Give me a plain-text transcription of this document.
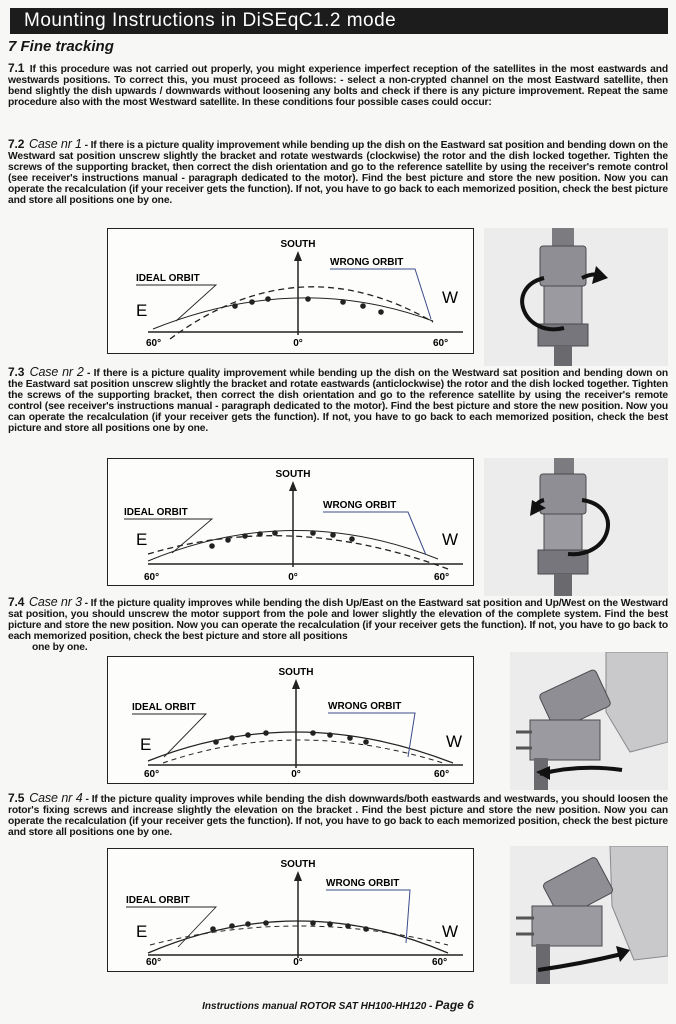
Mounting Instructions in DiSEqC1.2 mode
7 Fine tracking
7.1 If this procedure was not carried out properly, you might experience imperfect reception of the satellites in the most eastwards and westwards positions. To correct this, you must proceed as follows: - select a non-crypted channel on the most Eastward satellite, then bend slightly the dish upwards / downwards without loosening any bolts and check if there is any picture improvement. Repeat the same procedure also with the most Westward satellite. In these conditions four possible cases could occur:
7.2 Case nr 1 - If there is a picture quality improvement while bending up the dish on the Eastward sat position and bending down on the Westward sat position unscrew slightly the bracket and rotate westwards (clockwise) the rotor and the dish locked together. Tighten the screws of the supporting bracket, then correct the dish orientation and go to the reference satellite by using the receiver's remote control (see receiver's instructions manual - paragraph dedicated to the motor). Find the best picture and store the new position. Now you can operate the recalculation (if your receiver gets the function). If not, you have to go back to each memorized position, check the best picture and store all positions one by one.
SOUTH
IDEAL ORBIT
WRONG ORBIT
E
W
60°	0°	60°
7.3 Case nr 2 - If there is a picture quality improvement while bending up the dish on the Westward sat position and bending down on the Eastward sat position unscrew slightly the bracket and rotate eastwards (anticlockwise) the rotor and the dish locked together. Tighten the screws of the supporting bracket, then correct the dish orientation and go to the reference satellite by using the receiver's remote control (see receiver's instructions manual - paragraph dedicated to the motor). Find the best picture and store the new position. Now you can operate the recalculation (if your receiver gets the function). If not, you have to go back to each memorized position, check the best picture and store all positions one by one.
SOUTH
IDEAL ORBIT
WRONG ORBIT
E	W
60°	0°	60°
7.4 Case nr 3 - If the picture quality improves while bending the dish Up/East on the Eastward sat position and Up/West on the Westward sat position, you should unscrew the motor support from the pole and lower slightly the elevation of the complete system. Find the best picture and store the new position. Now you can operate the recalculation (if your receiver gets the function). If not, you have to go back to each memorized position, check the best picture and store all positions
one by one.
SOUTH
IDEAL ORBIT	WRONG ORBIT
E	W
60°	0°	60°
7.5 Case nr 4 - If the picture quality improves while bending the dish downwards/both eastwards and westwards, you should loosen the rotor's fixing screws and increase slightly the elevation on the bracket . Find the best picture and store the new position. Now you can operate the recalculation (if your receiver gets the function). If not, you have to go back to each memorized position, check the best picture and store all positions one by one.
SOUTH
IDEAL ORBIT
WRONG ORBIT
E	W
60°	0°	60°
Instructions manual ROTOR SAT HH100-HH120 - Page 6
